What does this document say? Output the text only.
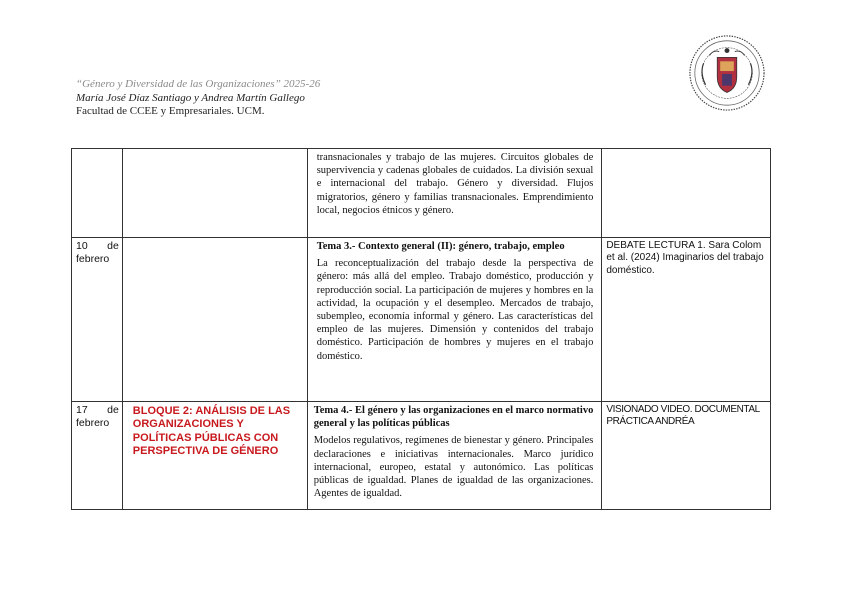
“Género y Diversidad de las Organizaciones” 2025-26
María José Díaz Santiago y Andrea Martín Gallego
Facultad de CCEE y Empresariales. UCM.

		transnacionales y trabajo de las mujeres. Circuitos globales de supervivencia y cadenas globales de cuidados. La división sexual e internacional del trabajo. Género y diversidad. Flujos migratorios, género y familias transnacionales. Emprendimiento local, negocios étnicos y género.	

10 de febrero		Tema 3.- Contexto general (II): género, trabajo, empleo

La reconceptualización del trabajo desde la perspectiva de género: más allá del empleo. Trabajo doméstico, producción y reproducción social. La participación de mujeres y hombres en la actividad, la ocupación y el desempleo. Mercados de trabajo, subempleo, economía informal y género. Las características del empleo de las mujeres. Dimensión y contenidos del trabajo doméstico. Participación de hombres y mujeres en el trabajo doméstico.	DEBATE LECTURA 1. Sara Colom et al. (2024) Imaginarios del trabajo doméstico.
17 de febrero	BLOQUE 2: ANÁLISIS DE LAS ORGANIZACIONES Y POLÍTICAS PÚBLICAS CON PERSPECTIVA DE GÉNERO	Tema 4.- El género y las organizaciones en el marco normativo general y las políticas públicas

Modelos regulativos, regímenes de bienestar y género. Principales declaraciones e iniciativas internacionales. Marco jurídico internacional, europeo, estatal y autonómico. Las políticas públicas de igualdad. Planes de igualdad de las organizaciones. Agentes de igualdad.	VISIONADO VIDEO. DOCUMENTAL PRÁCTICA ANDRÉA
